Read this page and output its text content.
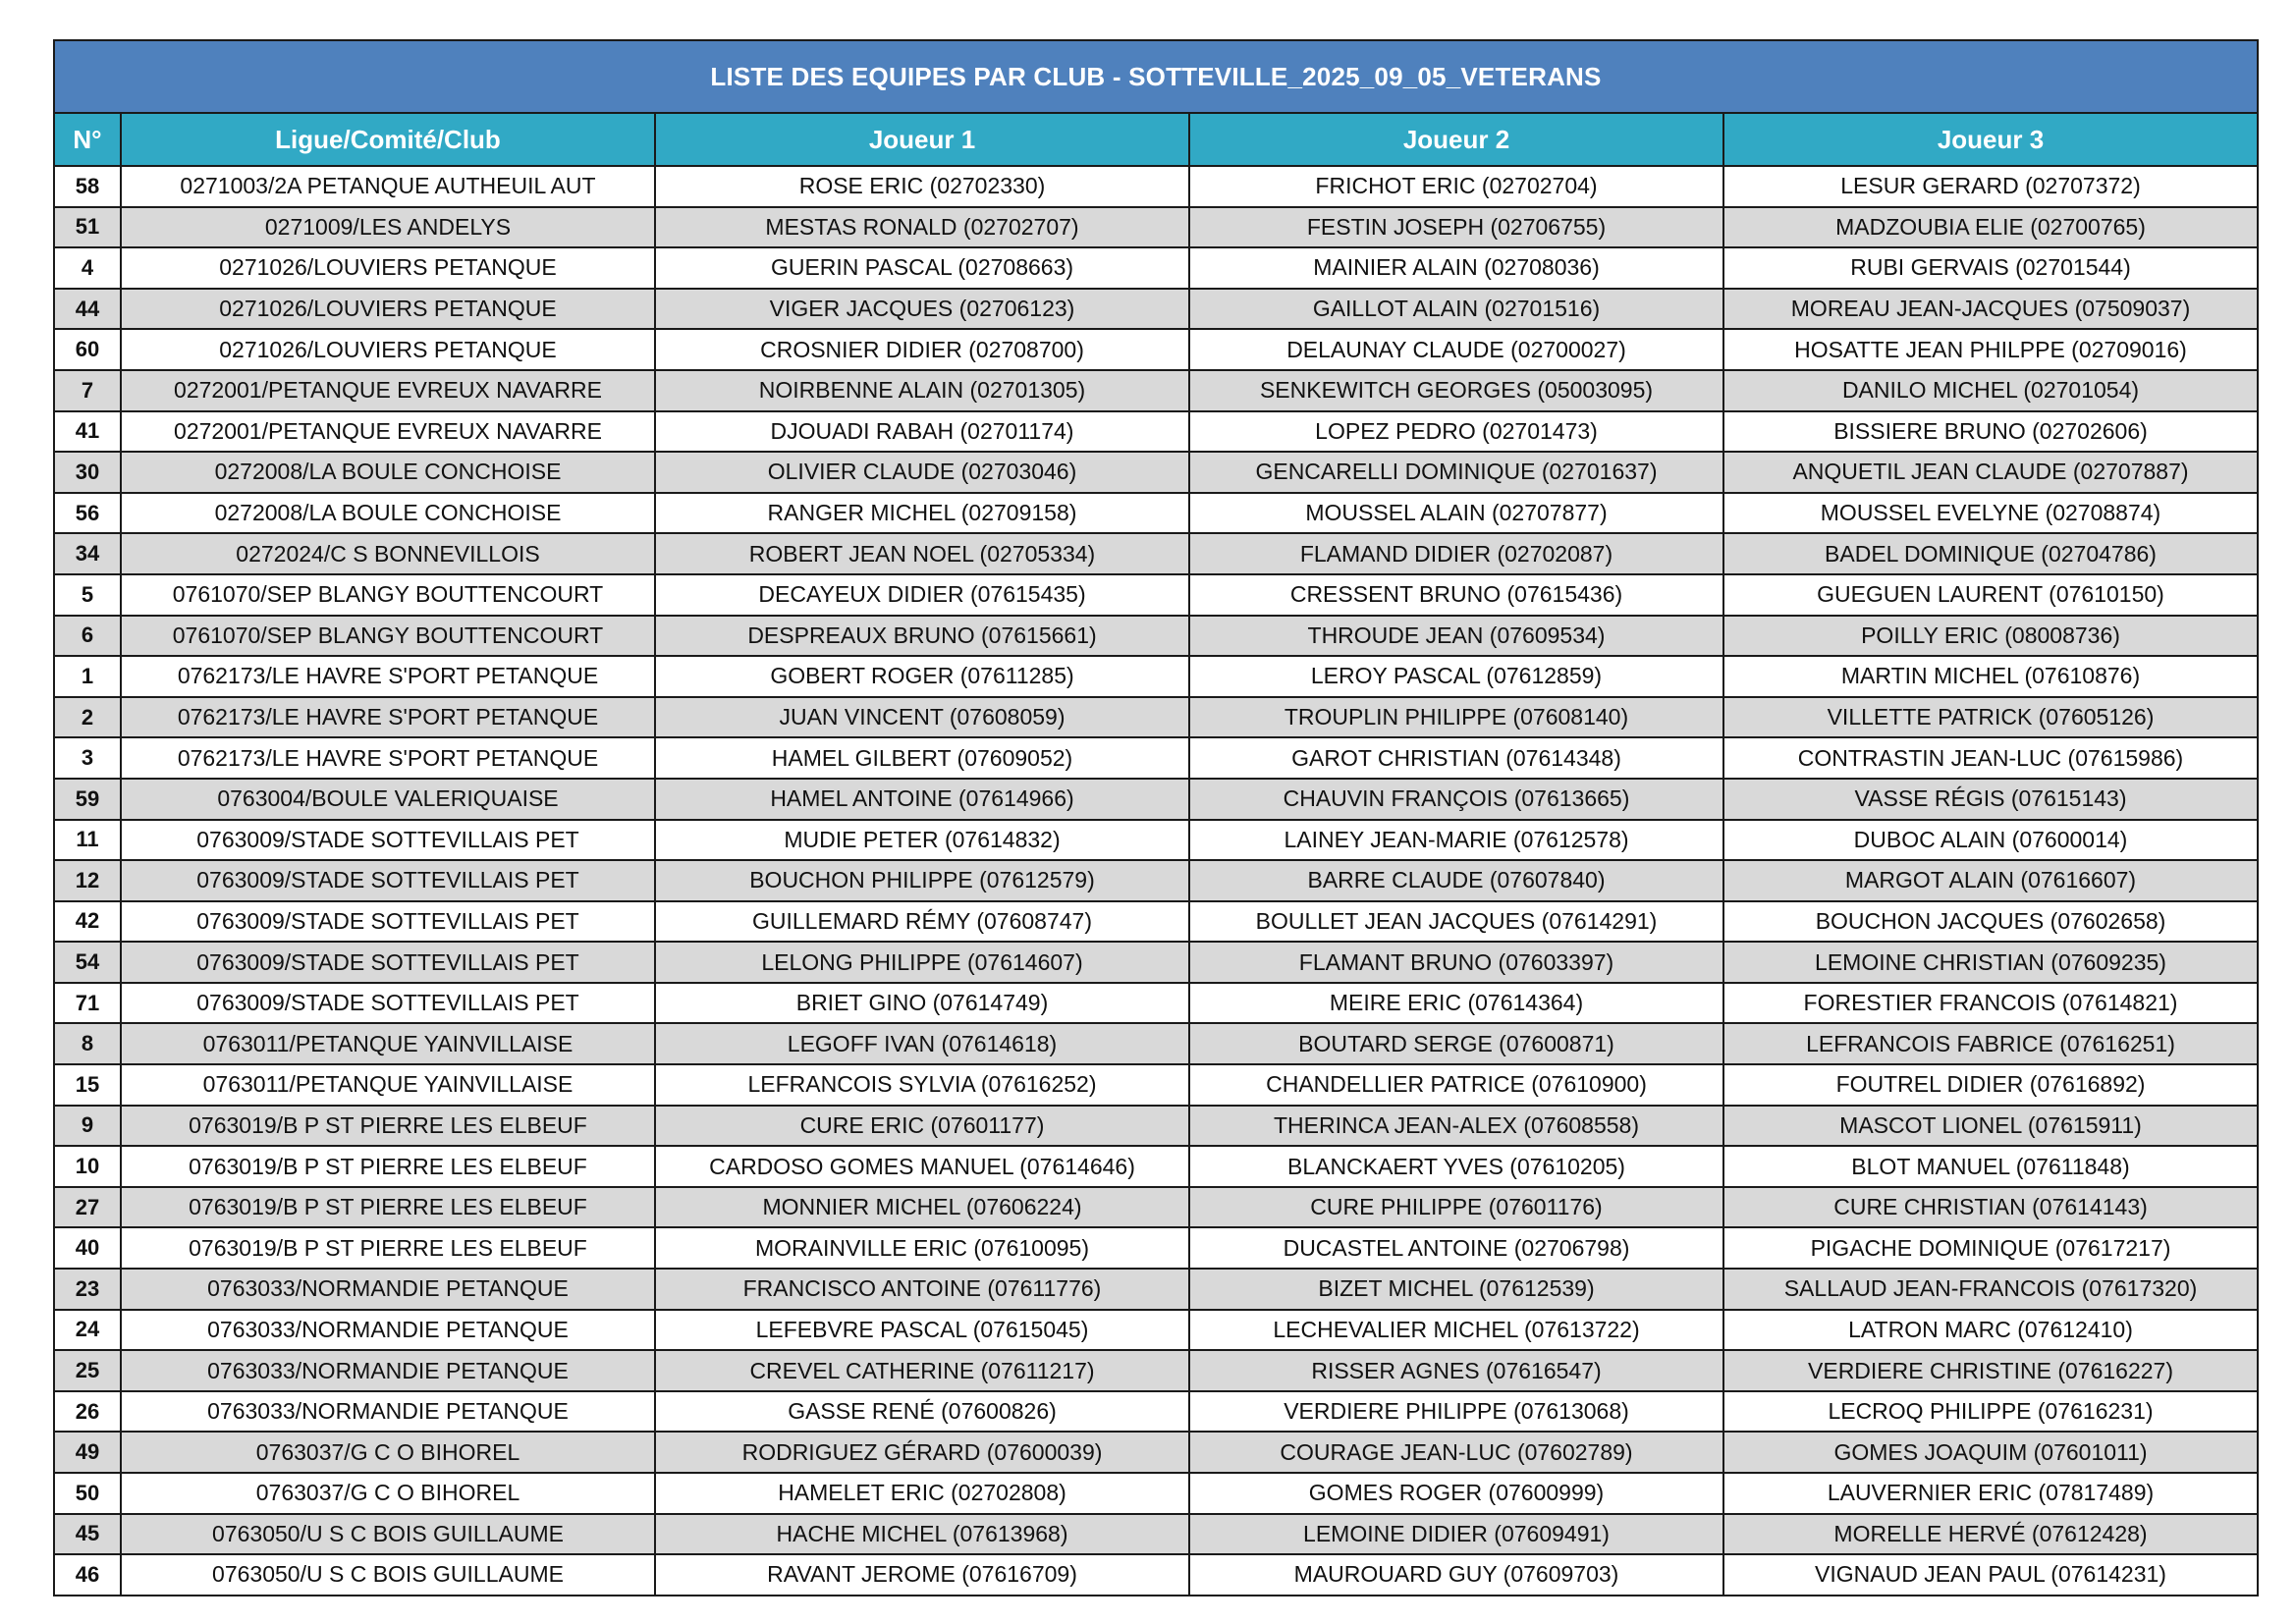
LISTE DES EQUIPES PAR CLUB - SOTTEVILLE_2025_09_05_VETERANS				
N°	Ligue/Comité/Club	Joueur 1	Joueur 2	Joueur 3
58	0271003/2A PETANQUE AUTHEUIL AUT	ROSE ERIC (02702330)	FRICHOT ERIC (02702704)	LESUR GERARD (02707372)
51	0271009/LES ANDELYS	MESTAS RONALD (02702707)	FESTIN JOSEPH (02706755)	MADZOUBIA ELIE (02700765)
4	0271026/LOUVIERS PETANQUE	GUERIN PASCAL (02708663)	MAINIER ALAIN (02708036)	RUBI GERVAIS (02701544)
44	0271026/LOUVIERS PETANQUE	VIGER JACQUES (02706123)	GAILLOT ALAIN (02701516)	MOREAU JEAN-JACQUES (07509037)
60	0271026/LOUVIERS PETANQUE	CROSNIER DIDIER (02708700)	DELAUNAY CLAUDE (02700027)	HOSATTE JEAN PHILPPE (02709016)
7	0272001/PETANQUE EVREUX NAVARRE	NOIRBENNE ALAIN (02701305)	SENKEWITCH GEORGES (05003095)	DANILO MICHEL (02701054)
41	0272001/PETANQUE EVREUX NAVARRE	DJOUADI RABAH (02701174)	LOPEZ PEDRO (02701473)	BISSIERE BRUNO (02702606)
30	0272008/LA BOULE CONCHOISE	OLIVIER CLAUDE (02703046)	GENCARELLI DOMINIQUE (02701637)	ANQUETIL JEAN CLAUDE (02707887)
56	0272008/LA BOULE CONCHOISE	RANGER MICHEL (02709158)	MOUSSEL ALAIN (02707877)	MOUSSEL EVELYNE (02708874)
34	0272024/C S BONNEVILLOIS	ROBERT JEAN NOEL (02705334)	FLAMAND DIDIER (02702087)	BADEL DOMINIQUE (02704786)
5	0761070/SEP BLANGY BOUTTENCOURT	DECAYEUX DIDIER (07615435)	CRESSENT BRUNO (07615436)	GUEGUEN LAURENT (07610150)
6	0761070/SEP BLANGY BOUTTENCOURT	DESPREAUX BRUNO (07615661)	THROUDE JEAN (07609534)	POILLY ERIC (08008736)
1	0762173/LE HAVRE S'PORT PETANQUE	GOBERT ROGER (07611285)	LEROY PASCAL (07612859)	MARTIN MICHEL (07610876)
2	0762173/LE HAVRE S'PORT PETANQUE	JUAN VINCENT (07608059)	TROUPLIN PHILIPPE (07608140)	VILLETTE PATRICK (07605126)
3	0762173/LE HAVRE S'PORT PETANQUE	HAMEL GILBERT (07609052)	GAROT CHRISTIAN (07614348)	CONTRASTIN JEAN-LUC (07615986)
59	0763004/BOULE VALERIQUAISE	HAMEL ANTOINE (07614966)	CHAUVIN FRANÇOIS (07613665)	VASSE RÉGIS (07615143)
11	0763009/STADE SOTTEVILLAIS PET	MUDIE PETER (07614832)	LAINEY JEAN-MARIE (07612578)	DUBOC ALAIN (07600014)
12	0763009/STADE SOTTEVILLAIS PET	BOUCHON PHILIPPE (07612579)	BARRE CLAUDE (07607840)	MARGOT ALAIN (07616607)
42	0763009/STADE SOTTEVILLAIS PET	GUILLEMARD RÉMY (07608747)	BOULLET JEAN JACQUES (07614291)	BOUCHON JACQUES (07602658)
54	0763009/STADE SOTTEVILLAIS PET	LELONG PHILIPPE (07614607)	FLAMANT BRUNO (07603397)	LEMOINE CHRISTIAN (07609235)
71	0763009/STADE SOTTEVILLAIS PET	BRIET GINO (07614749)	MEIRE ERIC (07614364)	FORESTIER FRANCOIS (07614821)
8	0763011/PETANQUE YAINVILLAISE	LEGOFF IVAN (07614618)	BOUTARD SERGE (07600871)	LEFRANCOIS FABRICE (07616251)
15	0763011/PETANQUE YAINVILLAISE	LEFRANCOIS SYLVIA (07616252)	CHANDELLIER PATRICE (07610900)	FOUTREL DIDIER (07616892)
9	0763019/B P ST PIERRE LES ELBEUF	CURE ERIC (07601177)	THERINCA JEAN-ALEX (07608558)	MASCOT LIONEL (07615911)
10	0763019/B P ST PIERRE LES ELBEUF	CARDOSO GOMES MANUEL (07614646)	BLANCKAERT YVES (07610205)	BLOT MANUEL (07611848)
27	0763019/B P ST PIERRE LES ELBEUF	MONNIER MICHEL (07606224)	CURE PHILIPPE (07601176)	CURE CHRISTIAN (07614143)
40	0763019/B P ST PIERRE LES ELBEUF	MORAINVILLE ERIC (07610095)	DUCASTEL ANTOINE (02706798)	PIGACHE DOMINIQUE (07617217)
23	0763033/NORMANDIE PETANQUE	FRANCISCO ANTOINE (07611776)	BIZET MICHEL (07612539)	SALLAUD JEAN-FRANCOIS (07617320)
24	0763033/NORMANDIE PETANQUE	LEFEBVRE PASCAL (07615045)	LECHEVALIER MICHEL (07613722)	LATRON MARC (07612410)
25	0763033/NORMANDIE PETANQUE	CREVEL CATHERINE (07611217)	RISSER AGNES (07616547)	VERDIERE CHRISTINE (07616227)
26	0763033/NORMANDIE PETANQUE	GASSE RENÉ (07600826)	VERDIERE PHILIPPE (07613068)	LECROQ PHILIPPE (07616231)
49	0763037/G C O BIHOREL	RODRIGUEZ GÉRARD (07600039)	COURAGE JEAN-LUC (07602789)	GOMES JOAQUIM (07601011)
50	0763037/G C O BIHOREL	HAMELET ERIC (02702808)	GOMES ROGER (07600999)	LAUVERNIER ERIC (07817489)
45	0763050/U S C BOIS GUILLAUME	HACHE MICHEL (07613968)	LEMOINE DIDIER (07609491)	MORELLE HERVÉ (07612428)
46	0763050/U S C BOIS GUILLAUME	RAVANT JEROME (07616709)	MAUROUARD GUY (07609703)	VIGNAUD JEAN PAUL (07614231)
